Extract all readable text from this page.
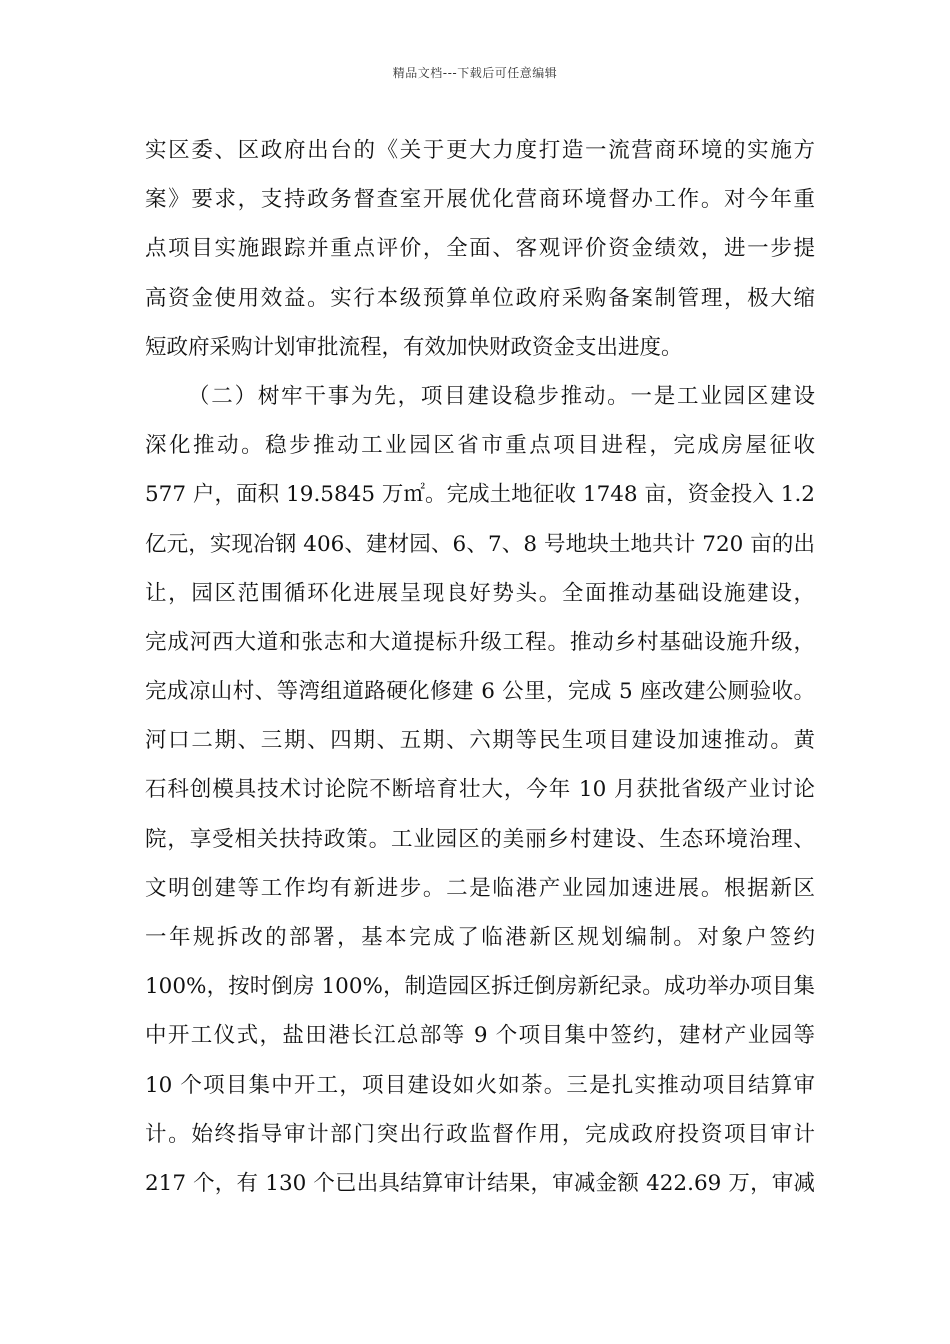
精品文档---下载后可任意编辑
实区委、区政府出台的《关于更大力度打造一流营商环境的实施方
案》要求，支持政务督查室开展优化营商环境督办工作。对今年重
点项目实施跟踪并重点评价，全面、客观评价资金绩效，进一步提
高资金使用效益。实行本级预算单位政府采购备案制管理，极大缩
短政府采购计划审批流程，有效加快财政资金支出进度。
（二）树牢干事为先，项目建设稳步推动。一是工业园区建设
深化推动。稳步推动工业园区省市重点项目进程，完成房屋征收
577 户，面积 19.5845 万㎡。完成土地征收 1748 亩，资金投入 1.2
亿元，实现冶钢 406、建材园、6、7、8 号地块土地共计 720 亩的出
让，园区范围循环化进展呈现良好势头。全面推动基础设施建设，
完成河西大道和张志和大道提标升级工程。推动乡村基础设施升级，
完成凉山村、等湾组道路硬化修建 6 公里，完成 5 座改建公厕验收。
河口二期、三期、四期、五期、六期等民生项目建设加速推动。黄
石科创模具技术讨论院不断培育壮大，今年 10 月获批省级产业讨论
院，享受相关扶持政策。工业园区的美丽乡村建设、生态环境治理、
文明创建等工作均有新进步。二是临港产业园加速进展。根据新区
一年规拆改的部署，基本完成了临港新区规划编制。对象户签约
100%，按时倒房 100%，制造园区拆迁倒房新纪录。成功举办项目集
中开工仪式，盐田港长江总部等 9 个项目集中签约，建材产业园等
10 个项目集中开工，项目建设如火如荼。三是扎实推动项目结算审
计。始终指导审计部门突出行政监督作用，完成政府投资项目审计
217 个，有 130 个已出具结算审计结果，审减金额 422.69 万，审减
